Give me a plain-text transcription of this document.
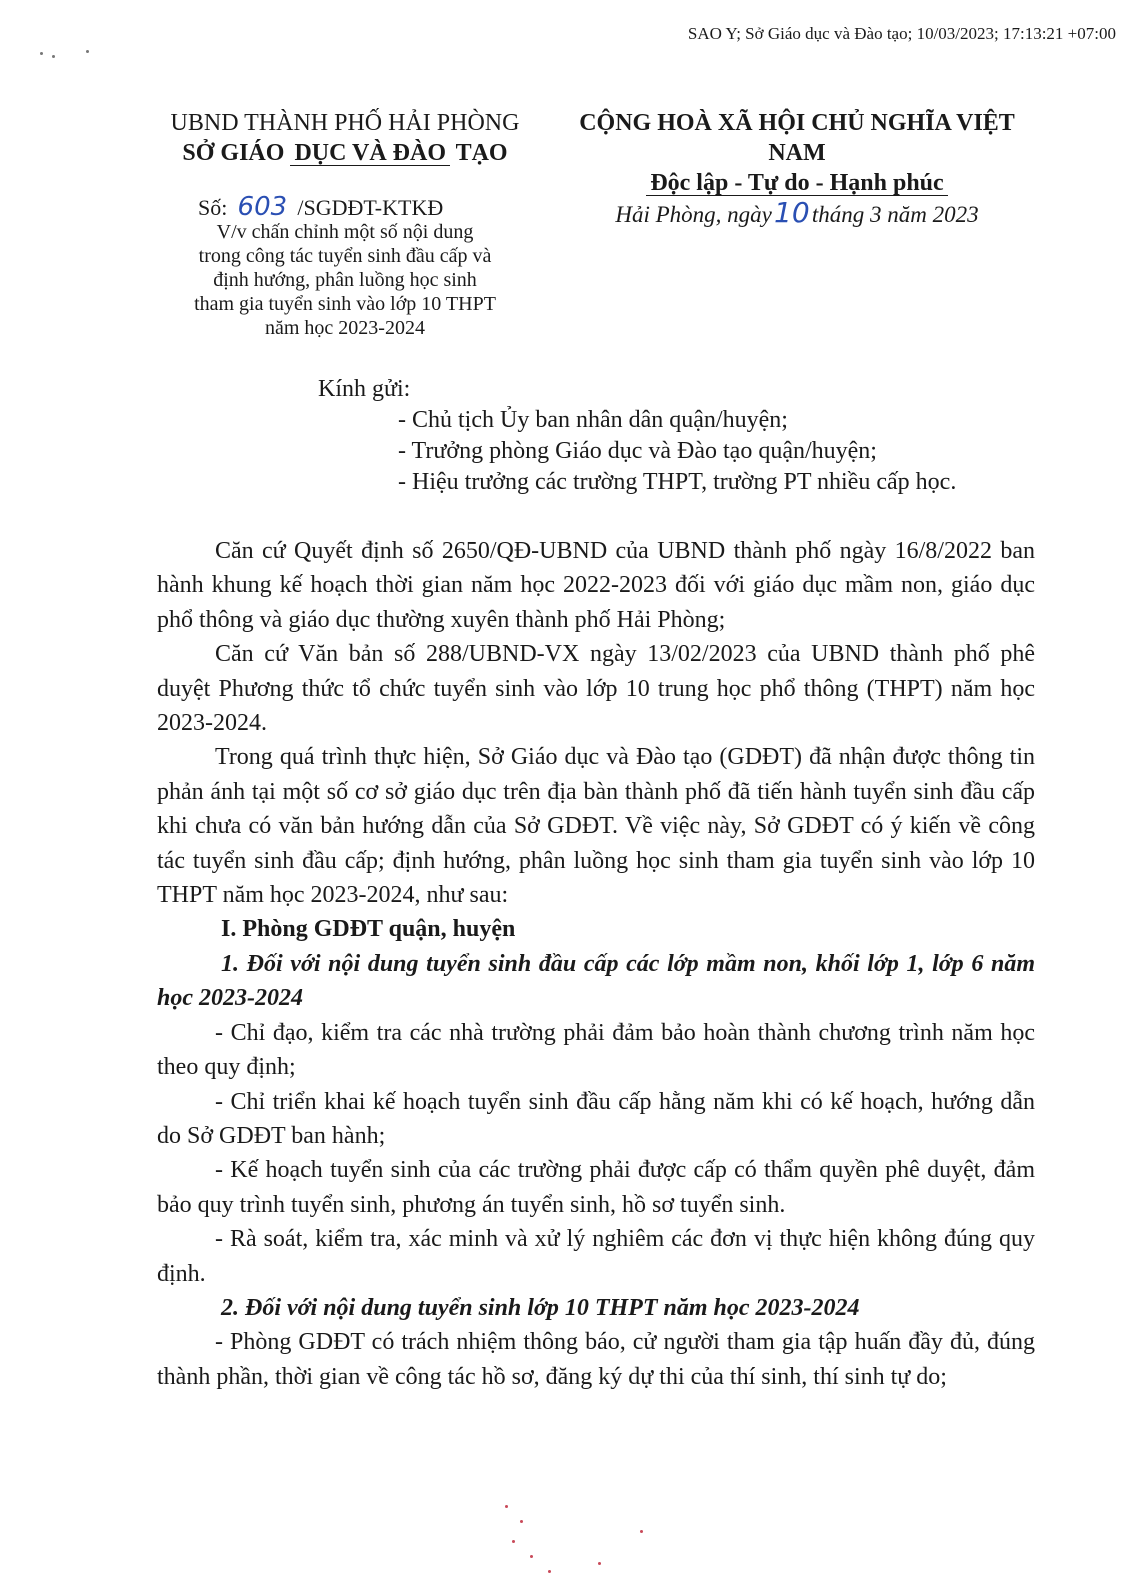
SAO Y; Sở Giáo dục và Đào tạo; 10/03/2023; 17:13:21 +07:00
UBND THÀNH PHỐ HẢI PHÒNG
SỞ GIÁO DỤC VÀ ĐÀO TẠO
CỘNG HOÀ XÃ HỘI CHỦ NGHĨA VIỆT NAM
Độc lập - Tự do - Hạnh phúc
Số: 603 /SGDĐT-KTKĐ	Hải Phòng, ngày10tháng 3 năm 2023
V/v chấn chỉnh một số nội dung
trong công tác tuyển sinh đầu cấp và
định hướng, phân luồng học sinh
tham gia tuyển sinh vào lớp 10 THPT
năm học 2023-2024
Kính gửi:
- Chủ tịch Ủy ban nhân dân quận/huyện;
- Trưởng phòng Giáo dục và Đào tạo quận/huyện;
- Hiệu trưởng các trường THPT, trường PT nhiều cấp học.

Căn cứ Quyết định số 2650/QĐ-UBND của UBND thành phố ngày 16/8/2022 ban hành khung kế hoạch thời gian năm học 2022-2023 đối với giáo dục mầm non, giáo dục phổ thông và giáo dục thường xuyên thành phố Hải Phòng;

Căn cứ Văn bản số 288/UBND-VX ngày 13/02/2023 của UBND thành phố phê duyệt Phương thức tổ chức tuyển sinh vào lớp 10 trung học phổ thông (THPT) năm học 2023-2024.

Trong quá trình thực hiện, Sở Giáo dục và Đào tạo (GDĐT) đã nhận được thông tin phản ánh tại một số cơ sở giáo dục trên địa bàn thành phố đã tiến hành tuyển sinh đầu cấp khi chưa có văn bản hướng dẫn của Sở GDĐT. Về việc này, Sở GDĐT có ý kiến về công tác tuyển sinh đầu cấp; định hướng, phân luồng học sinh tham gia tuyển sinh vào lớp 10 THPT năm học 2023-2024, như sau:

I. Phòng GDĐT quận, huyện

1. Đối với nội dung tuyển sinh đầu cấp các lớp mầm non, khối lớp 1, lớp 6 năm học 2023-2024

- Chỉ đạo, kiểm tra các nhà trường phải đảm bảo hoàn thành chương trình năm học theo quy định;

- Chỉ triển khai kế hoạch tuyển sinh đầu cấp hằng năm khi có kế hoạch, hướng dẫn do Sở GDĐT ban hành;

- Kế hoạch tuyển sinh của các trường phải được cấp có thẩm quyền phê duyệt, đảm bảo quy trình tuyển sinh, phương án tuyển sinh, hồ sơ tuyển sinh.

- Rà soát, kiểm tra, xác minh và xử lý nghiêm các đơn vị thực hiện không đúng quy định.

2. Đối với nội dung tuyển sinh lớp 10 THPT năm học 2023-2024

- Phòng GDĐT có trách nhiệm thông báo, cử người tham gia tập huấn đầy đủ, đúng thành phần, thời gian về công tác hồ sơ, đăng ký dự thi của thí sinh, thí sinh tự do;
